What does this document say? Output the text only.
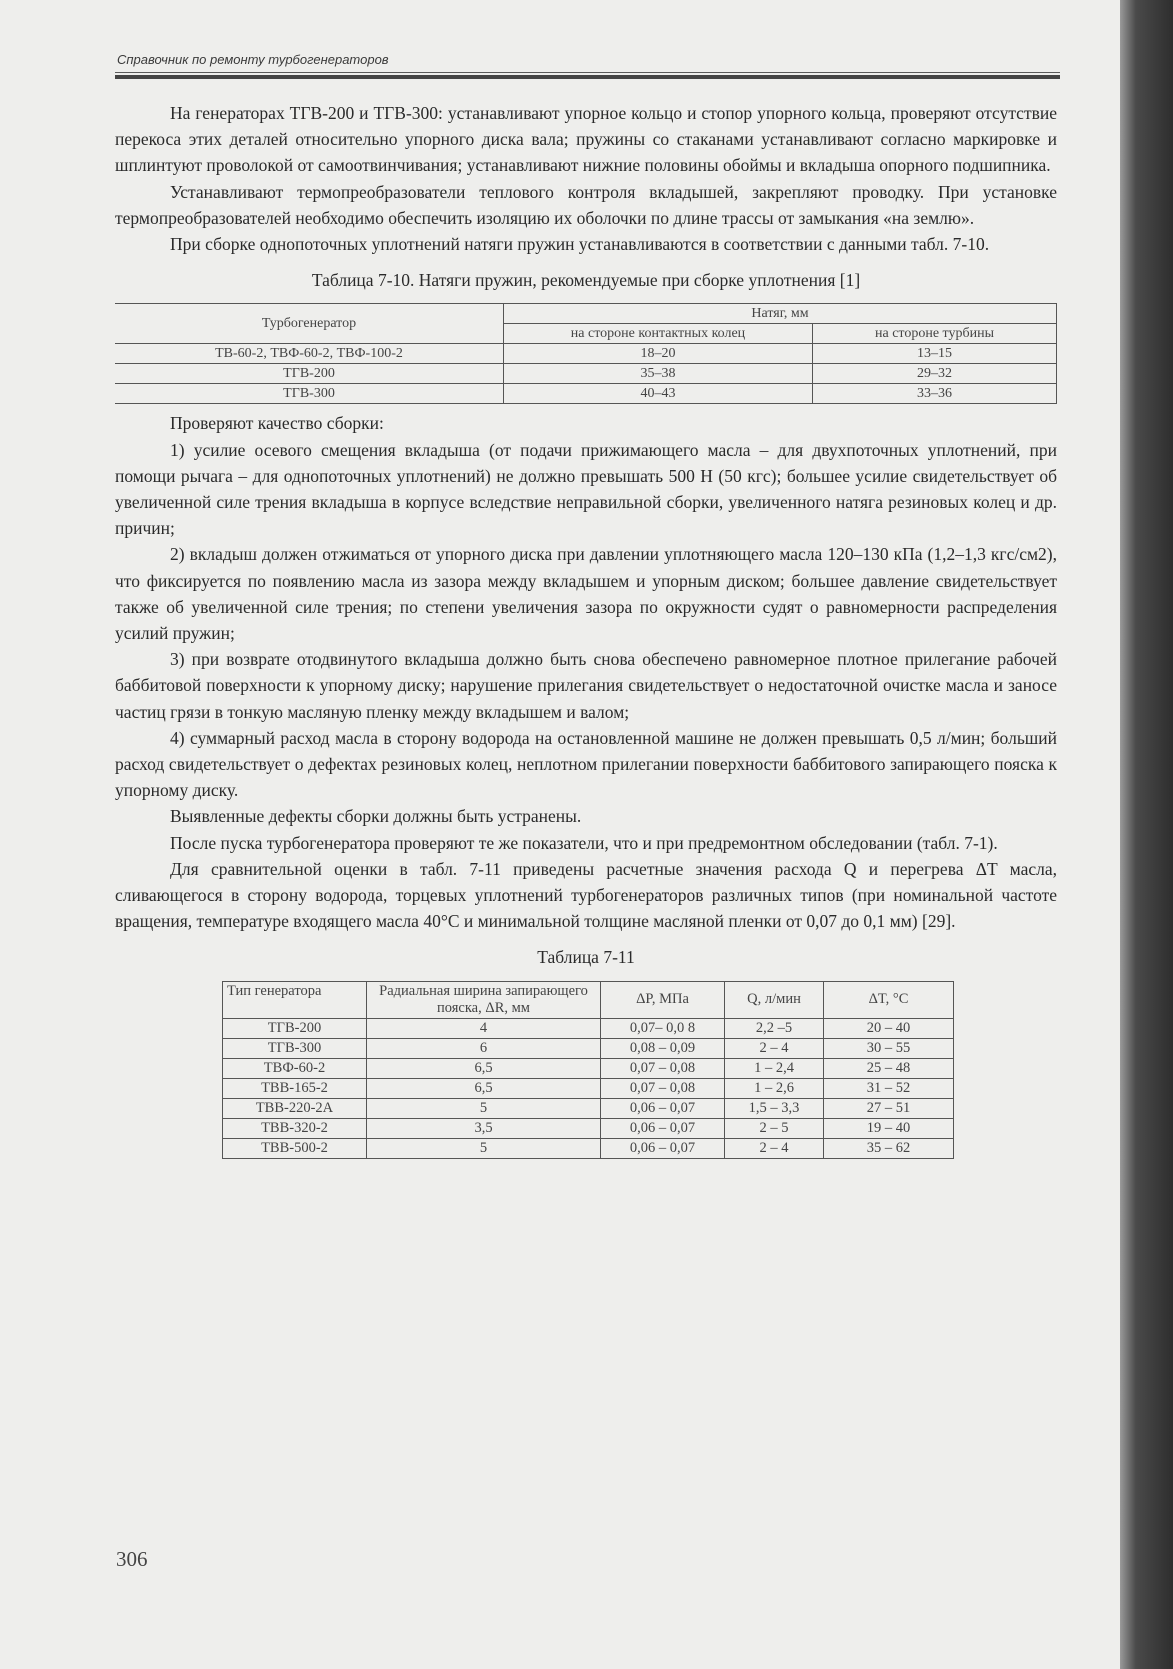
Справочник по ремонту турбогенераторов

На генераторах ТГВ-200 и ТГВ-300: устанавливают упорное кольцо и стопор упорного кольца, проверяют отсутствие перекоса этих деталей относительно упорного диска вала; пружины со стаканами устанавливают согласно маркировке и шплинтуют проволокой от самоотвинчивания; устанавливают нижние половины обоймы и вкладыша опорного подшипника.

Устанавливают термопреобразователи теплового контроля вкладышей, закрепляют проводку. При установке термопреобразователей необходимо обеспечить изоляцию их оболочки по длине трассы от замыкания «на землю».

При сборке однопоточных уплотнений натяги пружин устанавливаются в соответствии с данными табл. 7-10.

Таблица 7-10. Натяги пружин, рекомендуемые при сборке уплотнения [1]
Турбогенератор	Натяг, мм	
	на стороне контактных колец	на стороне турбины
ТВ-60-2, ТВФ-60-2, ТВФ-100-2	18–20	13–15
ТГВ-200	35–38	29–32
ТГВ-300	40–43	33–36

Проверяют качество сборки:

1) усилие осевого смещения вкладыша (от подачи прижимающего масла – для двухпоточных уплотнений, при помощи рычага – для однопоточных уплотнений) не должно превышать 500 Н (50 кгс); большее усилие свидетельствует об увеличенной силе трения вкладыша в корпусе вследствие неправильной сборки, увеличенного натяга резиновых колец и др. причин;

2) вкладыш должен отжиматься от упорного диска при давлении уплотняющего масла 120–130 кПа (1,2–1,3 кгс/см2), что фиксируется по появлению масла из зазора между вкладышем и упорным диском; большее давление свидетельствует также об увеличенной силе трения; по степени увеличения зазора по окружности судят о равномерности распределения усилий пружин;

3) при возврате отодвинутого вкладыша должно быть снова обеспечено равномерное плотное прилегание рабочей баббитовой поверхности к упорному диску; нарушение прилегания свидетельствует о недостаточной очистке масла и заносе частиц грязи в тонкую масляную пленку между вкладышем и валом;

4) суммарный расход масла в сторону водорода на остановленной машине не должен превышать 0,5 л/мин; больший расход свидетельствует о дефектах резиновых колец, неплотном прилегании поверхности баббитового запирающего пояска к упорному диску.

Выявленные дефекты сборки должны быть устранены.

После пуска турбогенератора проверяют те же показатели, что и при предремонтном обследовании (табл. 7-1).

Для сравнительной оценки в табл. 7-11 приведены расчетные значения расхода Q и перегрева ΔT масла, сливающегося в сторону водорода, торцевых уплотнений турбогенераторов различных типов (при номинальной частоте вращения, температуре входящего масла 40°С и минимальной толщине масляной пленки от 0,07 до 0,1 мм) [29].

Таблица 7-11
Тип генератора	Радиальная ширина запирающего пояска, ΔR, мм	ΔP, МПа	Q, л/мин	ΔT, °С
ТГВ-200	4	0,07– 0,0 8	2,2 –5	20 – 40
ТГВ-300	6	0,08 – 0,09	2 – 4	30 – 55
ТВФ-60-2	6,5	0,07 – 0,08	1 – 2,4	25 – 48
ТВВ-165-2	6,5	0,07 – 0,08	1 – 2,6	31 – 52
ТВВ-220-2А	5	0,06 – 0,07	1,5 – 3,3	27 – 51
ТВВ-320-2	3,5	0,06 – 0,07	2 – 5	19 – 40
ТВВ-500-2	5	0,06 – 0,07	2 – 4	35 – 62
306
